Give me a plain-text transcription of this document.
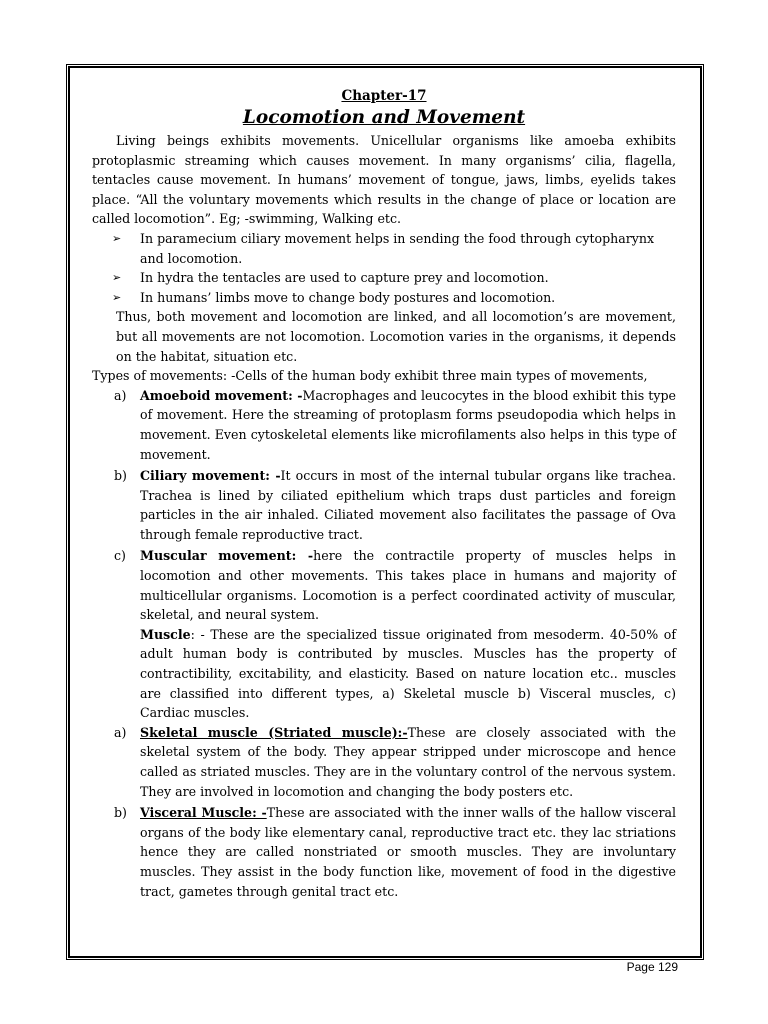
Chapter-17
Locomotion and Movement

Living beings exhibits movements. Unicellular organisms like amoeba exhibits protoplasmic streaming which causes movement. In many organisms’ cilia, flagella, tentacles cause movement. In humans’ movement of tongue, jaws, limbs, eyelids takes place. “All the voluntary movements which results in the change of place or location are called locomotion”. Eg; -swimming, Walking etc.

➢ In paramecium ciliary movement helps in sending the food through cytopharynx and locomotion.
➢ In hydra the tentacles are used to capture prey and locomotion.
➢ In humans’ limbs move to change body postures and locomotion.

Thus, both movement and locomotion are linked, and all locomotion’s are movement, but all movements are not locomotion. Locomotion varies in the organisms, it depends on the habitat, situation etc.

Types of movements: -Cells of the human body exhibit three main types of movements,

a) Amoeboid movement: -Macrophages and leucocytes in the blood exhibit this type of movement. Here the streaming of protoplasm forms pseudopodia which helps in movement. Even cytoskeletal elements like microfilaments also helps in this type of movement.

b) Ciliary movement: -It occurs in most of the internal tubular organs like trachea. Trachea is lined by ciliated epithelium which traps dust particles and foreign particles in the air inhaled. Ciliated movement also facilitates the passage of Ova through female reproductive tract.

c) Muscular movement: -here the contractile property of muscles helps in locomotion and other movements. This takes place in humans and majority of multicellular organisms. Locomotion is a perfect coordinated activity of muscular, skeletal, and neural system.

Muscle: - These are the specialized tissue originated from mesoderm. 40-50% of adult human body is contributed by muscles. Muscles has the property of contractibility, excitability, and elasticity. Based on nature location etc.. muscles are classified into different types, a) Skeletal muscle b) Visceral muscles, c) Cardiac muscles.

a) Skeletal muscle (Striated muscle):-These are closely associated with the skeletal system of the body. They appear stripped under microscope and hence called as striated muscles. They are in the voluntary control of the nervous system. They are involved in locomotion and changing the body posters etc.

b) Visceral Muscle: -These are associated with the inner walls of the hallow visceral organs of the body like elementary canal, reproductive tract etc. they lac striations hence they are called nonstriated or smooth muscles. They are involuntary muscles. They assist in the body function like, movement of food in the digestive tract, gametes through genital tract etc.

Page 129
